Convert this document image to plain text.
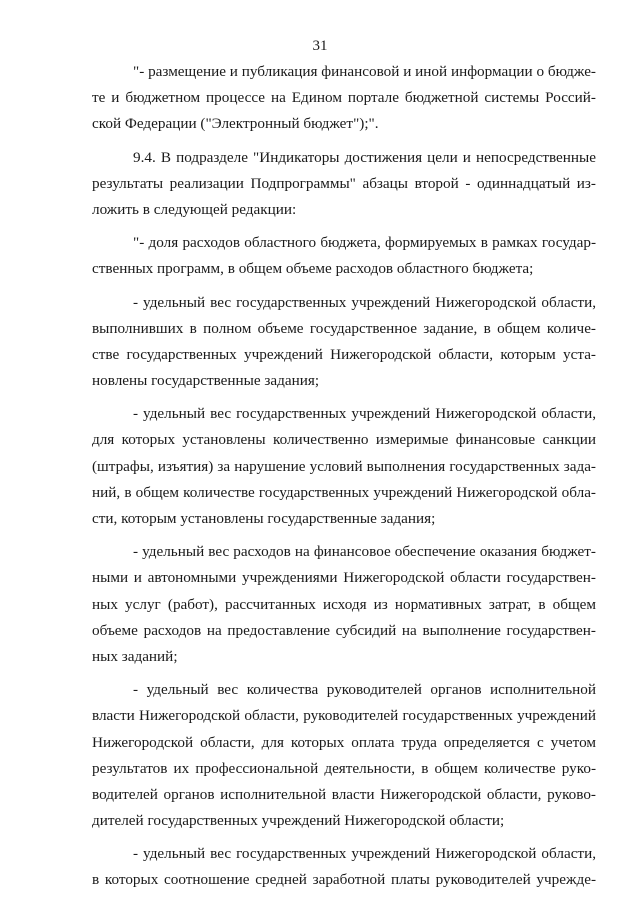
31
"- размещение и публикация финансовой и иной информации о бюдже-
те и бюджетном процессе на Едином портале бюджетной системы Россий-
ской Федерации ("Электронный бюджет");".
9.4. В подразделе "Индикаторы достижения цели и непосредственные
результаты реализации Подпрограммы" абзацы второй - одиннадцатый из-
ложить в следующей редакции:
"- доля расходов областного бюджета, формируемых в рамках государ-
ственных программ, в общем объеме расходов областного бюджета;
- удельный вес государственных учреждений Нижегородской области,
выполнивших в полном объеме государственное задание, в общем количе-
стве государственных учреждений Нижегородской области, которым уста-
новлены государственные задания;
- удельный вес государственных учреждений Нижегородской области,
для которых установлены количественно измеримые финансовые санкции
(штрафы, изъятия) за нарушение условий выполнения государственных зада-
ний, в общем количестве государственных учреждений Нижегородской обла-
сти, которым установлены государственные задания;
- удельный вес расходов на финансовое обеспечение оказания бюджет-
ными и автономными учреждениями Нижегородской области государствен-
ных услуг (работ), рассчитанных исходя из нормативных затрат, в общем
объеме расходов на предоставление субсидий на выполнение государствен-
ных заданий;
- удельный вес количества руководителей органов исполнительной
власти Нижегородской области, руководителей государственных учреждений
Нижегородской области, для которых оплата труда определяется с учетом
результатов их профессиональной деятельности, в общем количестве руко-
водителей органов исполнительной власти Нижегородской области, руково-
дителей государственных учреждений Нижегородской области;
- удельный вес государственных учреждений Нижегородской области,
в которых соотношение средней заработной платы руководителей учрежде-
